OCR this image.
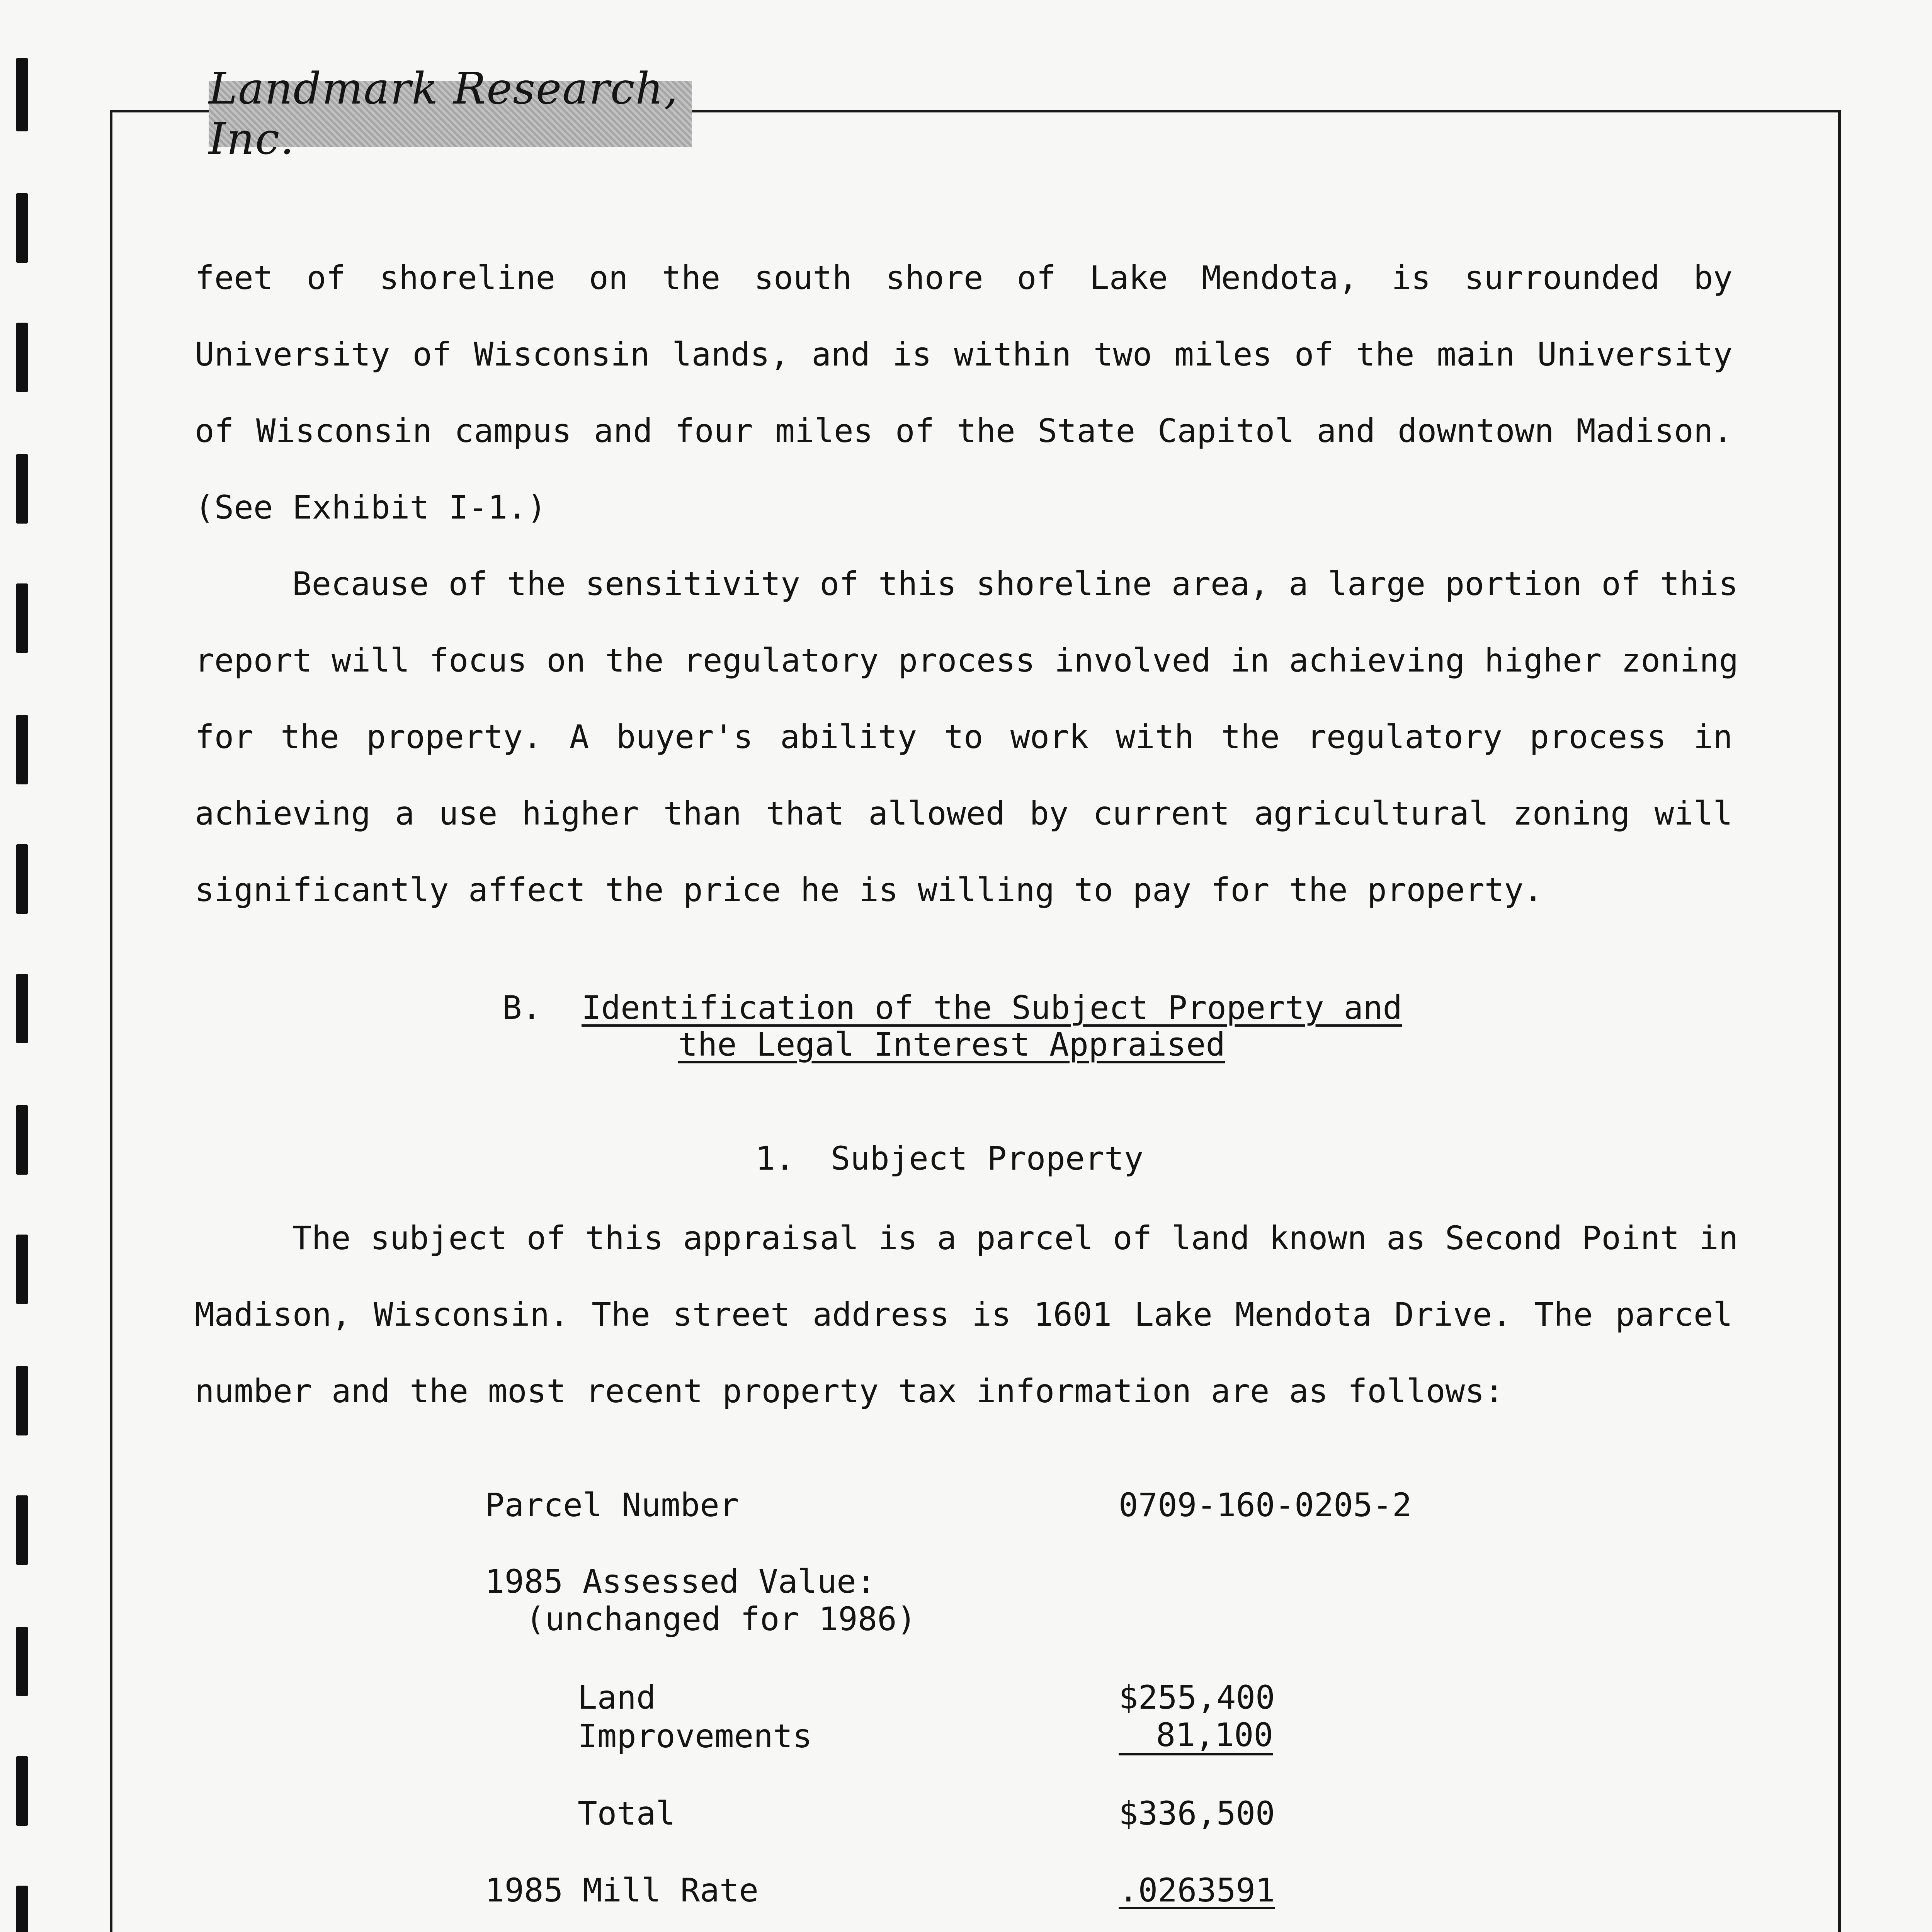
Landmark Research, Inc.
feet of shoreline on the south shore of Lake Mendota, is surrounded by
University of Wisconsin lands, and is within two miles of the main University
of Wisconsin campus and four miles of the State Capitol and downtown Madison.
(See Exhibit I-1.)
Because of the sensitivity of this shoreline area, a large portion of this
report will focus on the regulatory process involved in achieving higher zoning
for the property. A buyer's ability to work with the regulatory process in
achieving a use higher than that allowed by current agricultural zoning will
significantly affect the price he is willing to pay for the property.
B. Identification of the Subject Property and
the Legal Interest Appraised
1. Subject Property
The subject of this appraisal is a parcel of land known as Second Point in
Madison, Wisconsin. The street address is 1601 Lake Mendota Drive. The parcel
number and the most recent property tax information are as follows:
Parcel Number	0709-160-0205-2
1985 Assessed Value:
(unchanged for 1986)
Land	$255,400
Improvements	81,100
Total	$336,500
1985 Mill Rate	.0263591
